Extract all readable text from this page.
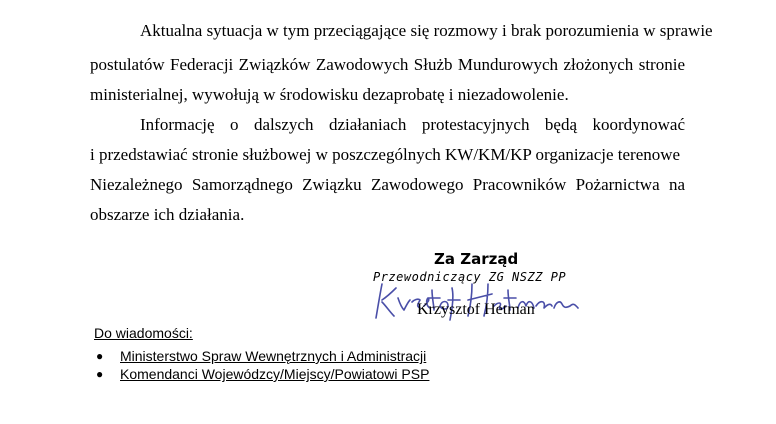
Aktualna sytuacja w tym przeciągające się rozmowy i brak porozumienia w sprawie
postulatów Federacji Związków Zawodowych Służb Mundurowych złożonych stronie
ministerialnej, wywołują w środowisku dezaprobatę i niezadowolenie.
Informację o dalszych działaniach protestacyjnych będą koordynować
i przedstawiać stronie służbowej w poszczególnych KW/KM/KP organizacje terenowe
Niezależnego Samorządnego Związku Zawodowego Pracowników Pożarnictwa na
obszarze ich działania.
Za Zarząd
Przewodniczący ZG NSZZ PP
Krzysztof Hetman
Do wiadomości:
● Ministerstwo Spraw Wewnętrznych i Administracji
● Komendanci Wojewódzcy/Miejscy/Powiatowi PSP
